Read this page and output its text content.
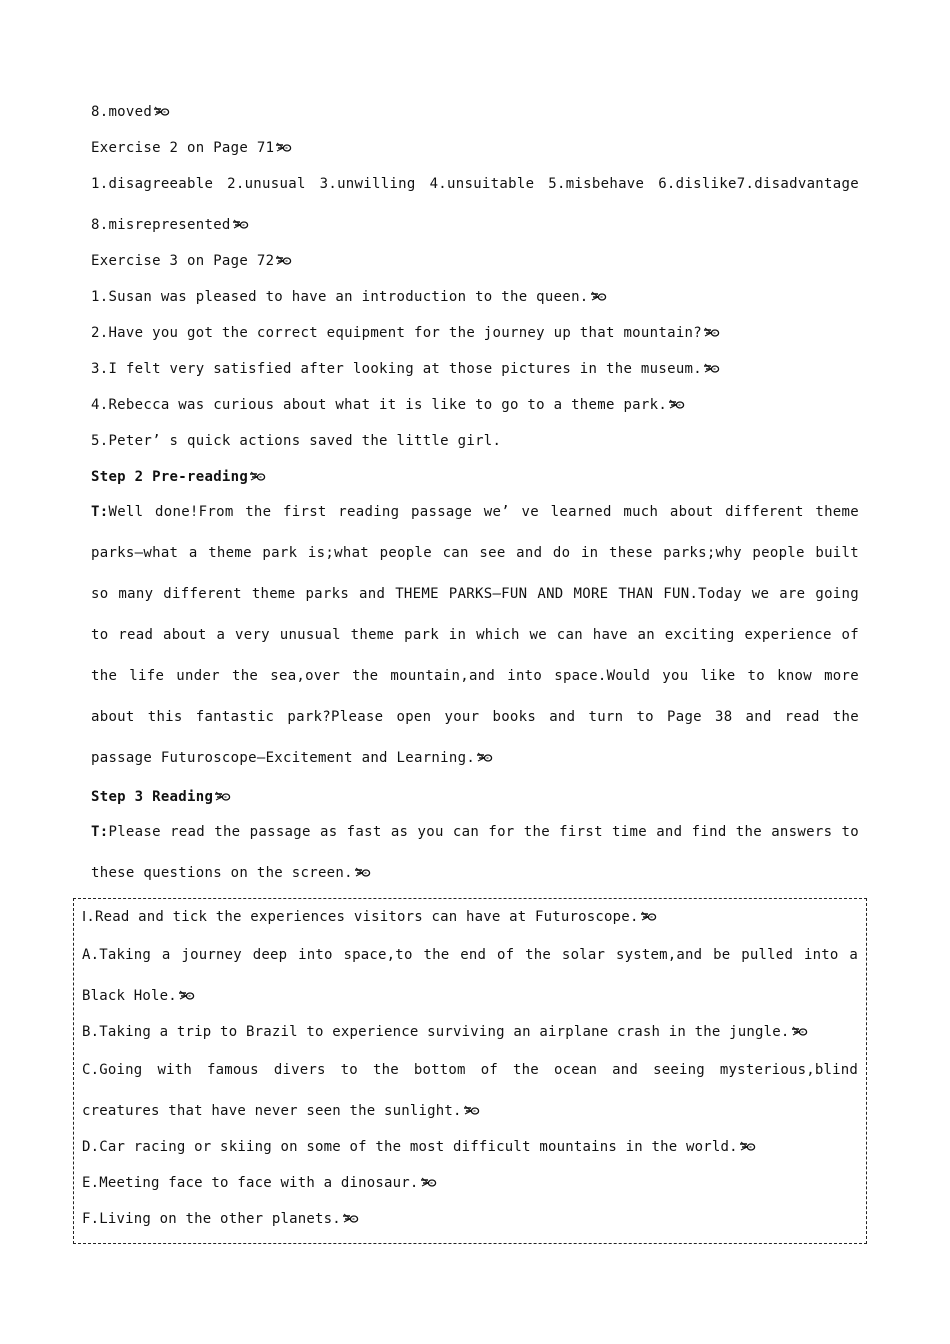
8.moved
Exercise 2 on Page 71
1.disagreeable 2.unusual 3.unwilling 4.unsuitable 5.misbehave 6.dislike7.disadvantage
8.misrepresented
Exercise 3 on Page 72
1.Susan was pleased to have an introduction to the queen.
2.Have you got the correct equipment for the journey up that mountain?
3.I felt very satisfied after looking at those pictures in the museum.
4.Rebecca was curious about what it is like to go to a theme park.
5.Peter’ s quick actions saved the little girl.
Step 2 Pre-reading
T:Well done!From the first reading passage we’ ve learned much about different theme parks—what a theme park is;what people can see and do in these parks;why people built so many different theme parks and THEME PARKS—FUN AND MORE THAN FUN.Today we are going to read about a very unusual theme park in which we can have an exciting experience of the life under the sea,over the mountain,and into space.Would you like to know more about this fantastic park?Please open your books and turn to Page 38 and read the passage Futuroscope—Excitement and Learning.
Step 3 Reading
T:Please read the passage as fast as you can for the first time and find the answers to these questions on the screen.
Ⅰ.Read and tick the experiences visitors can have at Futuroscope.
A.Taking a journey deep into space,to the end of the solar system,and be pulled into a Black Hole.
B.Taking a trip to Brazil to experience surviving an airplane crash in the jungle.
C.Going with famous divers to the bottom of the ocean and seeing mysterious,blind creatures that have never seen the sunlight.
D.Car racing or skiing on some of the most difficult mountains in the world.
E.Meeting face to face with a dinosaur.
F.Living on the other planets.
